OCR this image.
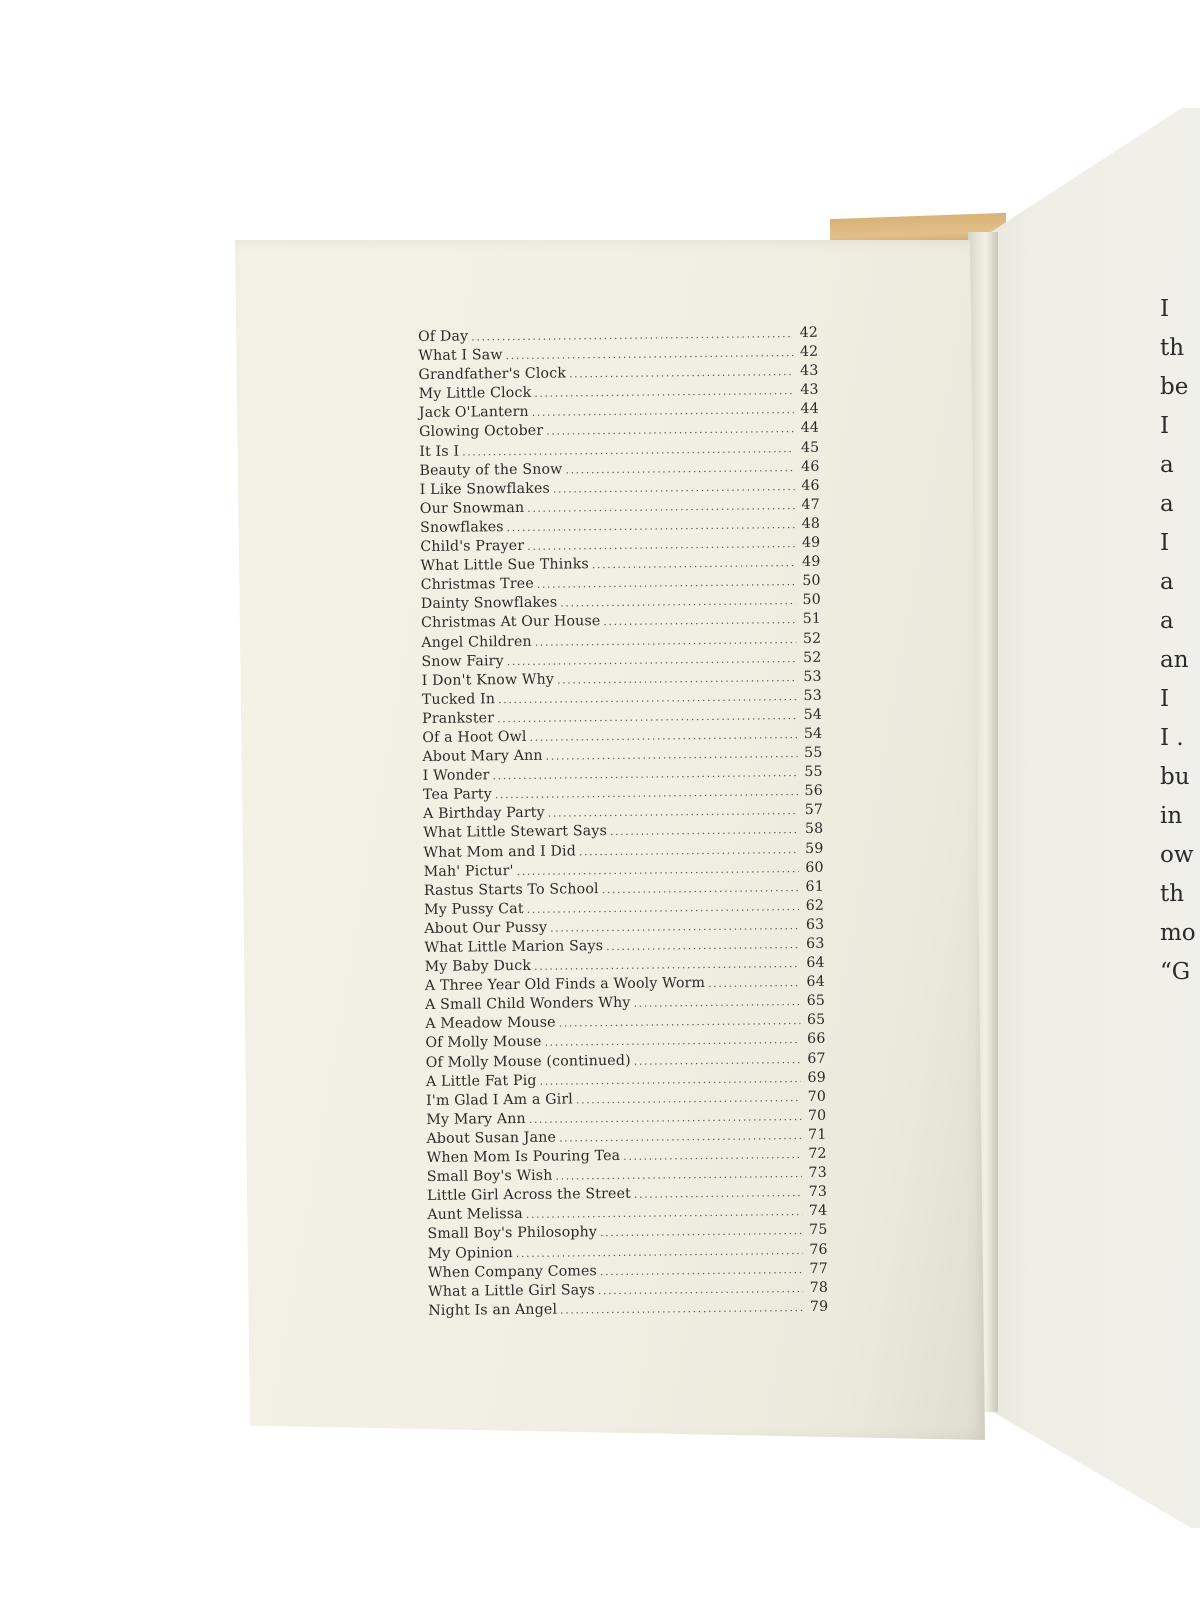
Of Day .....	42
What I Saw .....	42
Grandfather's Clock .....	43
My Little Clock .....	43
Jack O'Lantern .....	44
Glowing October .....	44
It Is I .....	45
Beauty of the Snow .....	46
I Like Snowflakes .....	46
Our Snowman .....	47
Snowflakes .....	48
Child's Prayer .....	49
What Little Sue Thinks .....	49
Christmas Tree .....	50
Dainty Snowflakes .....	50
Christmas At Our House .....	51
Angel Children .....	52
Snow Fairy .....	52
I Don't Know Why .....	53
Tucked In .....	53
Prankster .....	54
Of a Hoot Owl .....	54
About Mary Ann .....	55
I Wonder .....	55
Tea Party .....	56
A Birthday Party .....	57
What Little Stewart Says .....	58
What Mom and I Did .....	59
Mah' Pictur' .....	60
Rastus Starts To School .....	61
My Pussy Cat .....	62
About Our Pussy .....	63
What Little Marion Says .....	63
My Baby Duck .....	64
A Three Year Old Finds a Wooly Worm .....	64
A Small Child Wonders Why .....	65
A Meadow Mouse .....	65
Of Molly Mouse .....	66
Of Molly Mouse (continued) .....	67
A Little Fat Pig .....	69
I'm Glad I Am a Girl .....	70
My Mary Ann .....	70
About Susan Jane .....	71
When Mom Is Pouring Tea .....	72
Small Boy's Wish .....	73
Little Girl Across the Street .....	73
Aunt Melissa .....	74
Small Boy's Philosophy .....	75
My Opinion .....	76
When Company Comes .....	77
What a Little Girl Says .....	78
Night Is an Angel .....	79
I
th
be
I
a
a
I
a
a
an
I
I .
bu
in
ow
th
mo
“G
